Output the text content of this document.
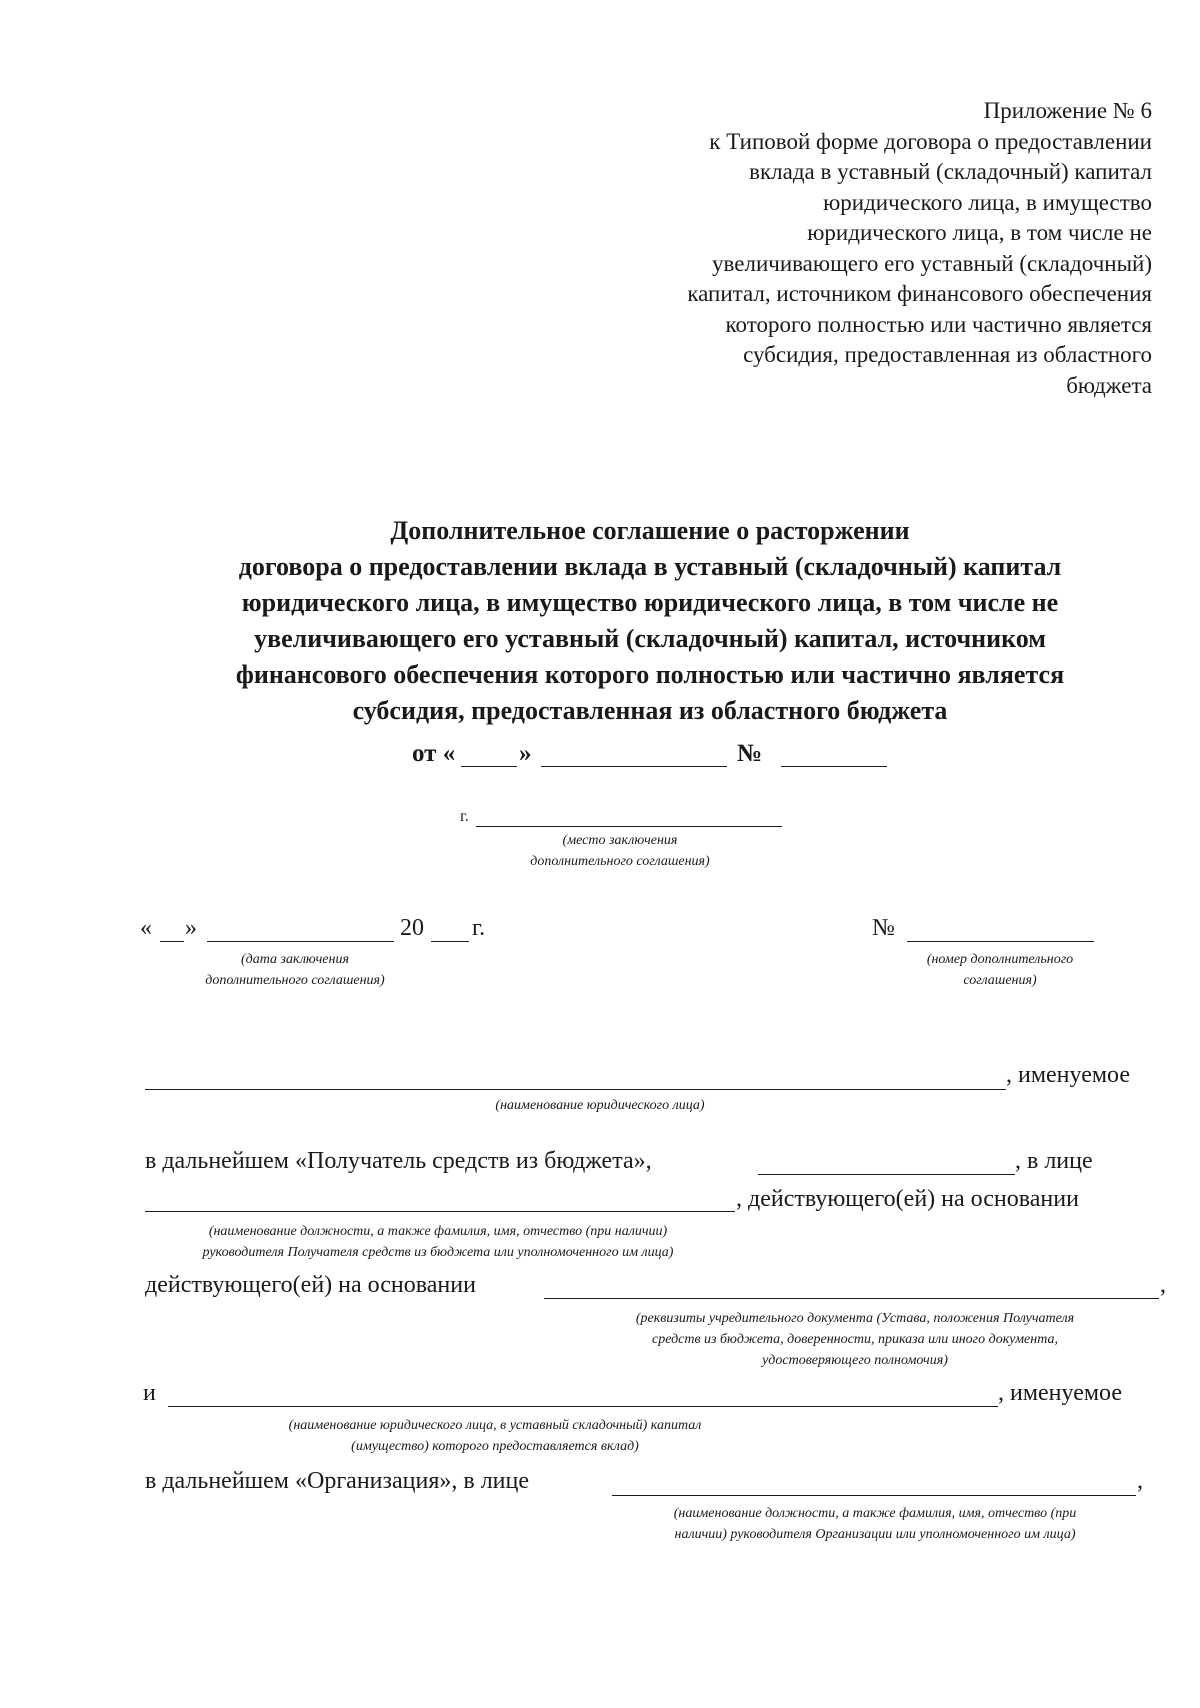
Приложение № 6
к Типовой форме договора о предоставлении
вклада в уставный (складочный) капитал
юридического лица, в имущество
юридического лица, в том числе не
увеличивающего его уставный (складочный)
капитал, источником финансового обеспечения
которого полностью или частично является
субсидия, предоставленная из областного
бюджета
Дополнительное соглашение о расторжении
договора о предоставлении вклада в уставный (складочный) капитал
юридического лица, в имущество юридического лица, в том числе не
увеличивающего его уставный (складочный) капитал, источником
финансового обеспечения которого полностью или частично является
субсидия, предоставленная из областного бюджета
от «	»	№
г.
(место заключения
дополнительного соглашения)
« »	20 г.
(дата заключения
дополнительного соглашения)
№
(номер дополнительного
соглашения)
, именуемое
(наименование юридического лица)
в дальнейшем «Получатель средств из бюджета»,	, в лице
, действующего(ей) на основании
(наименование должности, а также фамилия, имя, отчество (при наличии)
руководителя Получателя средств из бюджета или уполномоченного им лица)
действующего(ей) на основании	,
(реквизиты учредительного документа (Устава, положения Получателя
средств из бюджета, доверенности, приказа или иного документа,
удостоверяющего полномочия)
и	, именуемое
(наименование юридического лица, в уставный складочный) капитал
(имущество) которого предоставляется вклад)
в дальнейшем «Организация», в лице	,
(наименование должности, а также фамилия, имя, отчество (при
наличии) руководителя Организации или уполномоченного им лица)
